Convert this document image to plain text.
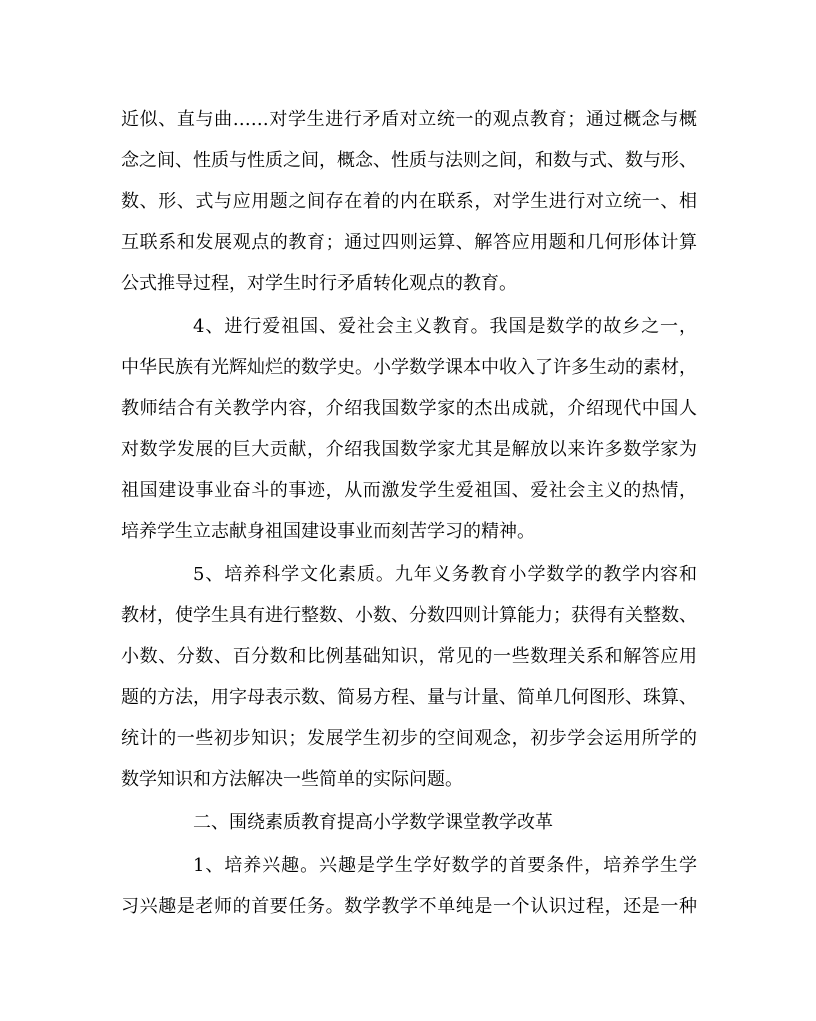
近似、直与曲……对学生进行矛盾对立统一的观点教育；通过概念与概
念之间、性质与性质之间，概念、性质与法则之间，和数与式、数与形、
数、形、式与应用题之间存在着的内在联系，对学生进行对立统一、相
互联系和发展观点的教育；通过四则运算、解答应用题和几何形体计算
公式推导过程，对学生时行矛盾转化观点的教育。
4、进行爱祖国、爱社会主义教育。我国是数学的故乡之一，
中华民族有光辉灿烂的数学史。小学数学课本中收入了许多生动的素材，
教师结合有关教学内容，介绍我国数学家的杰出成就，介绍现代中国人
对数学发展的巨大贡献，介绍我国数学家尤其是解放以来许多数学家为
祖国建设事业奋斗的事迹，从而激发学生爱祖国、爱社会主义的热情，
培养学生立志献身祖国建设事业而刻苦学习的精神。
5、培养科学文化素质。九年义务教育小学数学的教学内容和
教材，使学生具有进行整数、小数、分数四则计算能力；获得有关整数、
小数、分数、百分数和比例基础知识，常见的一些数理关系和解答应用
题的方法，用字母表示数、简易方程、量与计量、简单几何图形、珠算、
统计的一些初步知识；发展学生初步的空间观念，初步学会运用所学的
数学知识和方法解决一些简单的实际问题。
二、围绕素质教育提高小学数学课堂教学改革
1、培养兴趣。兴趣是学生学好数学的首要条件，培养学生学
习兴趣是老师的首要任务。数学教学不单纯是一个认识过程，还是一种
